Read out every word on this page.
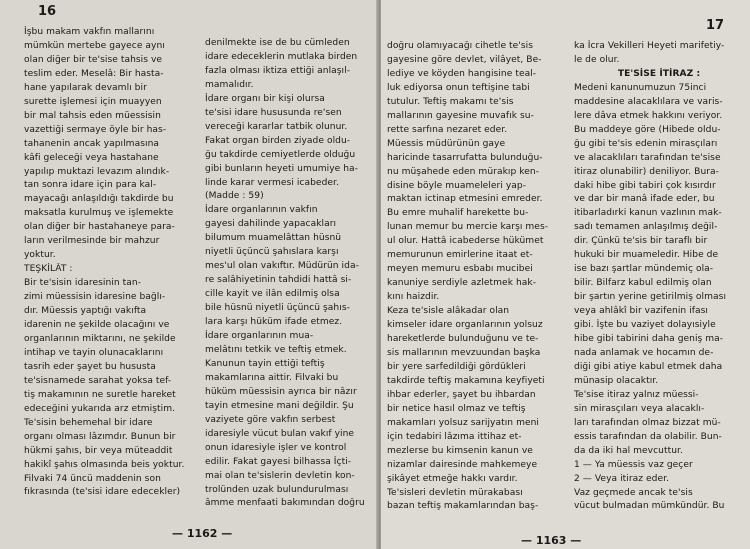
16
İşbu makam vakfın mallarını
mümkün mertebe gayece aynı
olan diğer bir te'sise tahsis ve
teslim eder. Meselâ: Bir hasta-
hane yapılarak devamlı bir
surette işlemesi için muayyen
bir mal tahsis eden müessisin
vazettiği sermaye öyle bir has-
tahanenin ancak yapılmasına
kâfi geleceği veya hastahane
yapılıp muktazi levazım alındık-
tan sonra idare için para kal-
mayacağı anlaşıldığı takdirde bu
maksatla kurulmuş ve işlemekte
olan diğer bir hastahaneye para-
ların verilmesinde bir mahzur
yoktur.
TEŞKİLÂT :
Bir te'sisin idaresinin tan-
zimi müessisin idaresine bağlı-
dır. Müessis yaptığı vakıfta
idarenin ne şekilde olacağını ve
organlarının miktarını, ne şekilde
intihap ve tayin olunacaklarını
tasrih eder şayet bu hususta
te'sisnamede sarahat yoksa tef-
tiş makamının ne suretle hareket
edeceğini yukarıda arz etmiştim.
Te'sisin behemehal bir idare
organı olması lâzımdır. Bunun bir
hükmi şahıs, bir veya müteaddit
hakikî şahıs olmasında beis yoktur.
Filvaki 74 üncü maddenin son
fıkrasında (te'sisi idare edecekler)
denilmekte ise de bu cümleden
idare edeceklerin mutlaka birden
fazla olması iktiza ettiği anlaşıl-
mamalıdır.
İdare organı bir kişi olursa
te'sisi idare hususunda re'sen
vereceği kararlar tatbik olunur.
Fakat organ birden ziyade oldu-
ğu takdirde cemiyetlerde olduğu
gibi bunların heyeti umumiye ha-
linde karar vermesi icabeder.
(Madde : 59)
İdare organlarının vakfın
gayesi dahilinde yapacakları
bilumum muamelâttan hüsnü
niyetli üçüncü şahıslara karşı
mes'ul olan vakıftır. Müdürün ida-
re salâhiyetinin tahdidi hattâ si-
cille kayit ve ilân edilmiş olsa
bile hüsnü niyetli üçüncü şahıs-
lara karşı hüküm ifade etmez.
İdare organlarının mua-
melâtını tetkik ve teftiş etmek.
Kanunun tayin ettiği teftiş
makamlarına aittir. Filvaki bu
hüküm müessisin ayrıca bir nâzır
tayin etmesine mani değildir. Şu
vaziyete göre vakfın serbest
idaresiyle vücut bulan vakıf yine
onun idaresiyle işler ve kontrol
edilir. Fakat gayesi bilhassa İçti-
mai olan te'sislerin devletin kon-
trolünden uzak bulundurulması
âmme menfaati bakımından doğru
— 1162 —
17
doğru olamıyacağı cihetle te'sis
gayesine göre devlet, vilâyet, Be-
lediye ve köyden hangisine teal-
luk ediyorsa onun teftişine tabi
tutulur. Teftiş makamı te'sis
mallarının gayesine muvafık su-
rette sarfına nezaret eder.
Müessis müdürünün gaye
haricinde tasarrufatta bulunduğu-
nu müşahede eden mürakıp ken-
disine böyle muameleleri yap-
maktan ictinap etmesini emreder.
Bu emre muhalif harekette bu-
lunan memur bu mercie karşı mes-
ul olur. Hattâ icabederse hükümet
memurunun emirlerine itaat et-
meyen memuru esbabı mucibei
kanuniye serdiyle azletmek hak-
kını haizdir.
Keza te'sisle alâkadar olan
kimseler idare organlarının yolsuz
hareketlerde bulunduğunu ve te-
sis mallarının mevzuundan başka
bir yere sarfedildiği gördükleri
takdirde teftiş makamına keyfiyeti
ihbar ederler, şayet bu ihbardan
bir netice hasıl olmaz ve teftiş
makamları yolsuz sarijyatın meni
için tedabiri lâzıma ittihaz et-
mezlerse bu kimsenin kanun ve
nizamlar dairesinde mahkemeye
şikâyet etmeğe hakkı vardır.
Te'sisleri devletin mürakabası
bazan teftiş makamlarından baş-
ka İcra Vekilleri Heyeti marifetiy-
le de olur.
TE'SİSE İTİRAZ :
Medeni kanunumuzun 75inci
maddesine alacaklılara ve varis-
lere dâva etmek hakkını veriyor.
Bu maddeye göre (Hibede oldu-
ğu gibi te'sis edenin mirasçıları
ve alacaklıları tarafından te'sise
itiraz olunabilir) deniliyor. Bura-
daki hibe gibi tabiri çok kısırdır
ve dar bir manâ ifade eder, bu
itibarladırki kanun vazlının mak-
sadı temamen anlaşılmış değil-
dir. Çünkü te'sis bir taraflı bir
hukuki bir muameledir. Hibe de
ise bazı şartlar mündemiç ola-
bilir. Bilfarz kabul edilmiş olan
bir şartın yerine getirilmiş olması
veya ahlâkî bir vazifenin ifası
gibi. İşte bu vaziyet dolayısiyle
hibe gibi tabirini daha geniş ma-
nada anlamak ve hocamın de-
diği gibi atiye kabul etmek daha
münasip olacaktır.
Te'sise itiraz yalnız müessi-
sin mirasçıları veya alacaklı-
ları tarafından olmaz bizzat mü-
essis tarafından da olabilir. Bun-
da da iki hal mevcuttur.
1 — Ya müessis vaz geçer
2 — Veya itiraz eder.
Vaz geçmede ancak te'sis
vücut bulmadan mümkündür. Bu
— 1163 —
